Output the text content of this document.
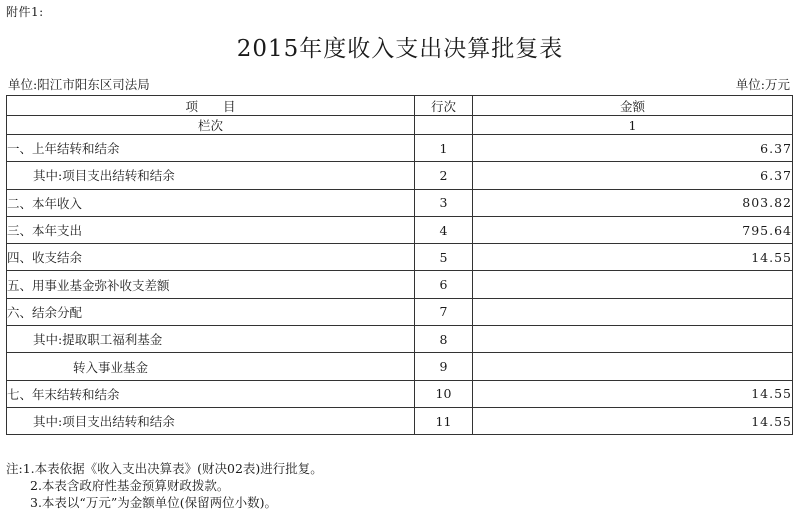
附件1:
2015年度收入支出决算批复表
单位:阳江市阳东区司法局	单位:万元
项　　目	行次	金额
栏次		1
一、上年结转和结余	1	6.37
其中:项目支出结转和结余	2	6.37
二、本年收入	3	803.82
三、本年支出	4	795.64
四、收支结余	5	14.55
五、用事业基金弥补收支差额	6	
六、结余分配	7	
其中:提取职工福利基金	8	
转入事业基金	9	
七、年末结转和结余	10	14.55
其中:项目支出结转和结余	11	14.55
注:1.本表依据《收入支出决算表》(财决02表)进行批复。
2.本表含政府性基金预算财政拨款。
3.本表以“万元”为金额单位(保留两位小数)。
